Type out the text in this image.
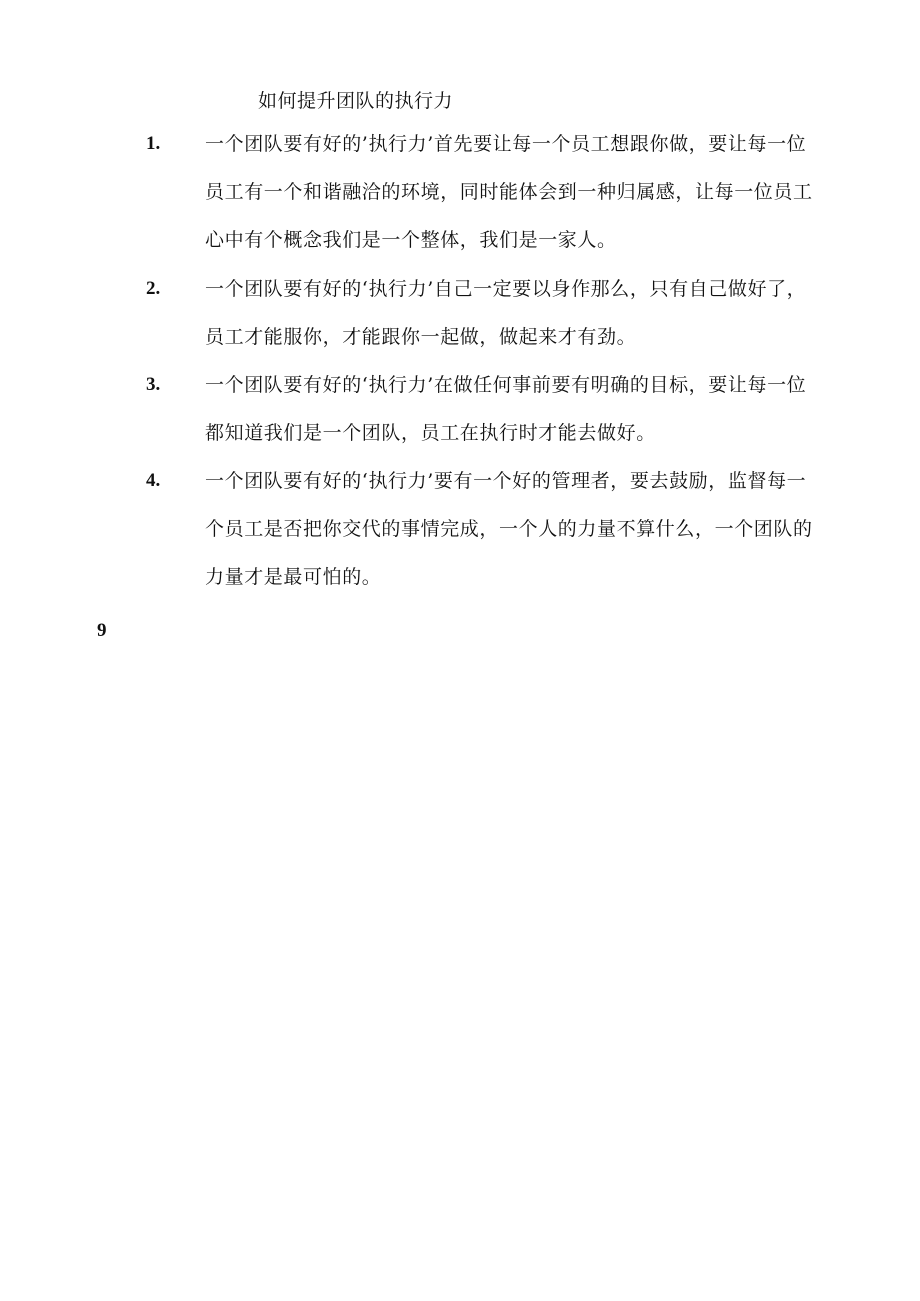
如何提升团队的执行力
1. 一个团队要有好的’执行力’首先要让每一个员工想跟你做，要让每一位
员工有一个和谐融洽的环境，同时能体会到一种归属感，让每一位员工
心中有个概念我们是一个整体，我们是一家人。
2. 一个团队要有好的‘执行力’自己一定要以身作那么，只有自己做好了，
员工才能服你，才能跟你一起做，做起来才有劲。
3. 一个团队要有好的‘执行力’在做任何事前要有明确的目标，要让每一位
都知道我们是一个团队，员工在执行时才能去做好。
4. 一个团队要有好的‘执行力’要有一个好的管理者，要去鼓励，监督每一
个员工是否把你交代的事情完成，一个人的力量不算什么，一个团队的
力量才是最可怕的。
9
